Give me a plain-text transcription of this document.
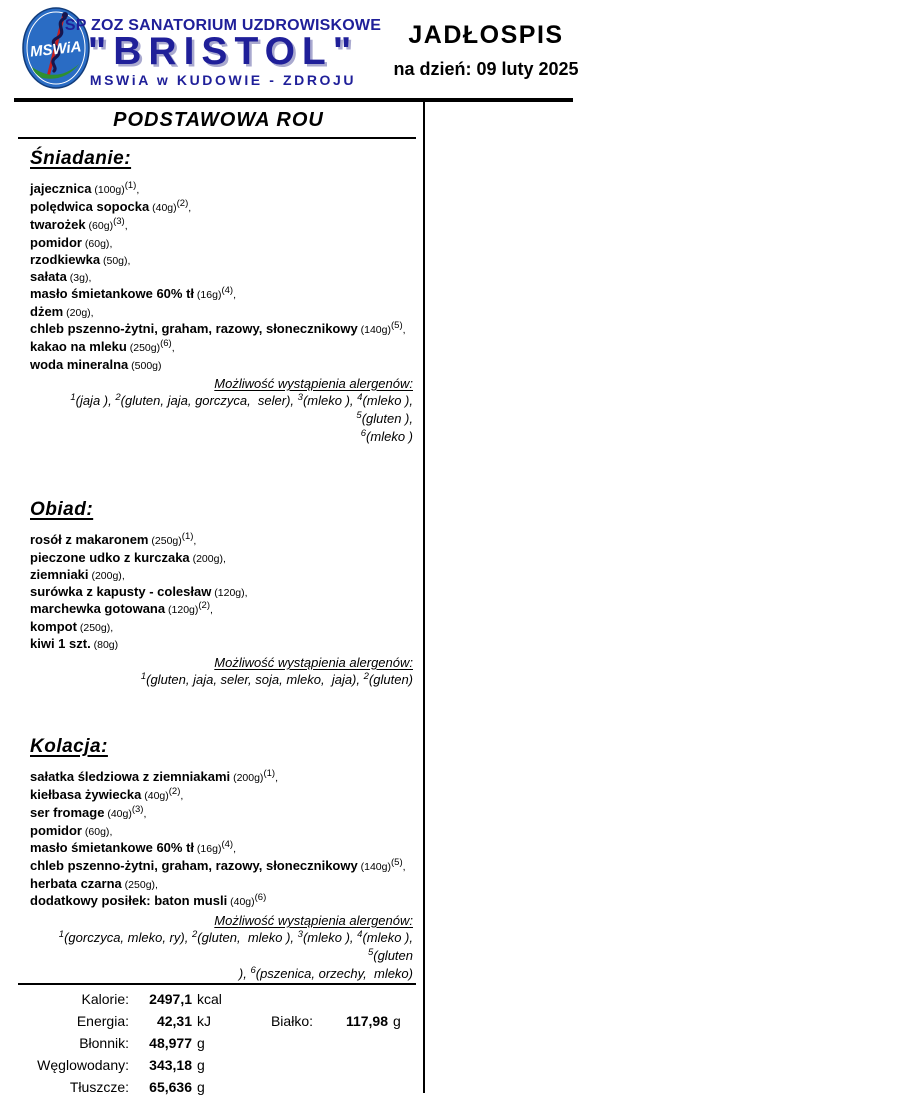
MSWiA
SP ZOZ SANATORIUM UZDROWISKOWE
"BRISTOL"
MSWiA w KUDOWIE - ZDROJU
JADŁOSPIS
na dzień: 09 luty 2025
PODSTAWOWA ROU
Śniadanie:
jajecznica $(100g)^{(1)}$,
polędwica sopocka $(40g)^{(2)}$,
twarożek $(60g)^{(3)}$,
pomidor (60g),
rzodkiewka (50g),
sałata (3g),
masło śmietankowe 60% tł $(16g)^{(4)}$,
dżem (20g),
chleb pszenno-żytni, graham, razowy, słonecznikowy $(140g)^{(5)}$,
kakao na mleku $(250g)^{(6)}$,
woda mineralna (500g)
Możliwość wystąpienia alergenów:

$^1$(jaja ), $^2$(gluten, jaja, gorczyca,  seler), $^3$(mleko ), $^4$(mleko ), $^5$(gluten ),
$^6$(mleko )
Obiad:
rosół z makaronem $(250g)^{(1)}$,
pieczone udko z kurczaka (200g),
ziemniaki (200g),
surówka z kapusty - colesław (120g),
marchewka gotowana $(120g)^{(2)}$,
kompot (250g),
kiwi 1 szt. (80g)
Możliwość wystąpienia alergenów:

$^1$(gluten, jaja, seler, soja, mleko,  jaja), $^2$(gluten)
Kolacja:
sałatka śledziowa z ziemniakami $(200g)^{(1)}$,
kiełbasa żywiecka $(40g)^{(2)}$,
ser fromage $(40g)^{(3)}$,
pomidor (60g),
masło śmietankowe 60% tł $(16g)^{(4)}$,
chleb pszenno-żytni, graham, razowy, słonecznikowy $(140g)^{(5)}$,
herbata czarna (250g),
dodatkowy posiłek: baton musli $(40g)^{(6)}$
Możliwość wystąpienia alergenów:

$^1$(gorczyca, mleko, ry), $^2$(gluten,  mleko ), $^3$(mleko ), $^4$(mleko ), $^5$(gluten
), $^6$(pszenica, orzechy,  mleko)
Kalorie:	2497,1 kcal
Energia:	42,31 kJ	Białko:	117,98 g
Błonnik:	48,977 g
Węglowodany:	343,18 g
Tłuszcze:	65,636 g
